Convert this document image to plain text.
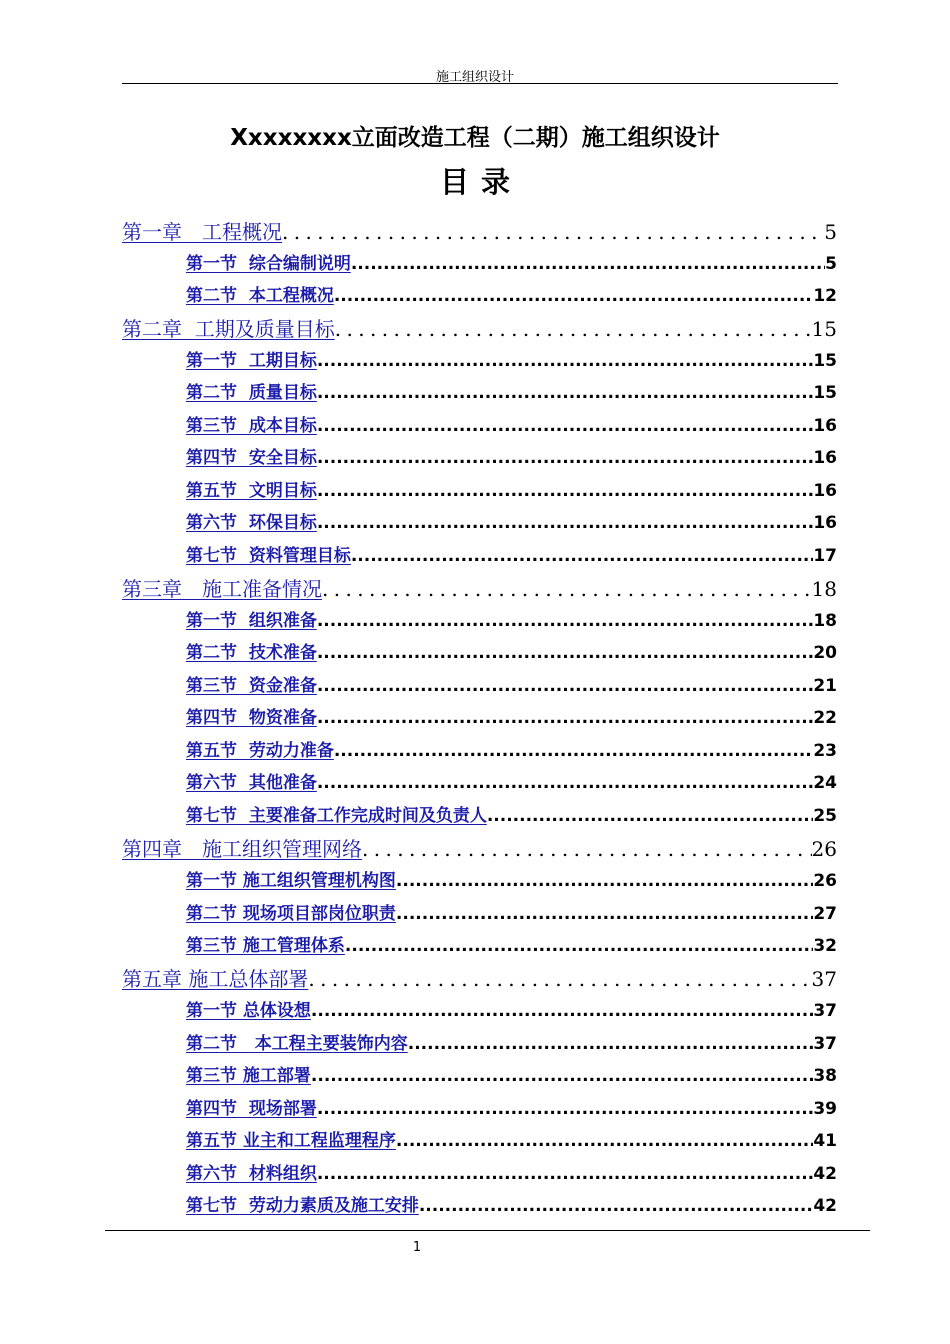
施工组织设计
Xxxxxxxx立面改造工程（二期）施工组织设计
目录
第一章　工程概况 .....	5
第一节  综合编制说明 .....	5
第二节  本工程概况 .....	12
第二章  工期及质量目标 .....	15
第一节  工期目标 .....	15
第二节  质量目标 .....	15
第三节  成本目标 .....	16
第四节  安全目标 .....	16
第五节  文明目标 .....	16
第六节  环保目标 .....	16
第七节  资料管理目标 .....	17
第三章　施工准备情况 .....	18
第一节  组织准备 .....	18
第二节  技术准备 .....	20
第三节  资金准备 .....	21
第四节  物资准备 .....	22
第五节  劳动力准备 .....	23
第六节  其他准备 .....	24
第七节  主要准备工作完成时间及负责人 .....	25
第四章　施工组织管理网络 .....	26
第一节 施工组织管理机构图 .....	26
第二节 现场项目部岗位职责 .....	27
第三节 施工管理体系 .....	32
第五章 施工总体部署 .....	37
第一节 总体设想 .....	37
第二节   本工程主要装饰内容 .....	37
第三节 施工部署 .....	38
第四节  现场部署 .....	39
第五节 业主和工程监理程序 .....	41
第六节  材料组织 .....	42
第七节  劳动力素质及施工安排 .....	42
1
